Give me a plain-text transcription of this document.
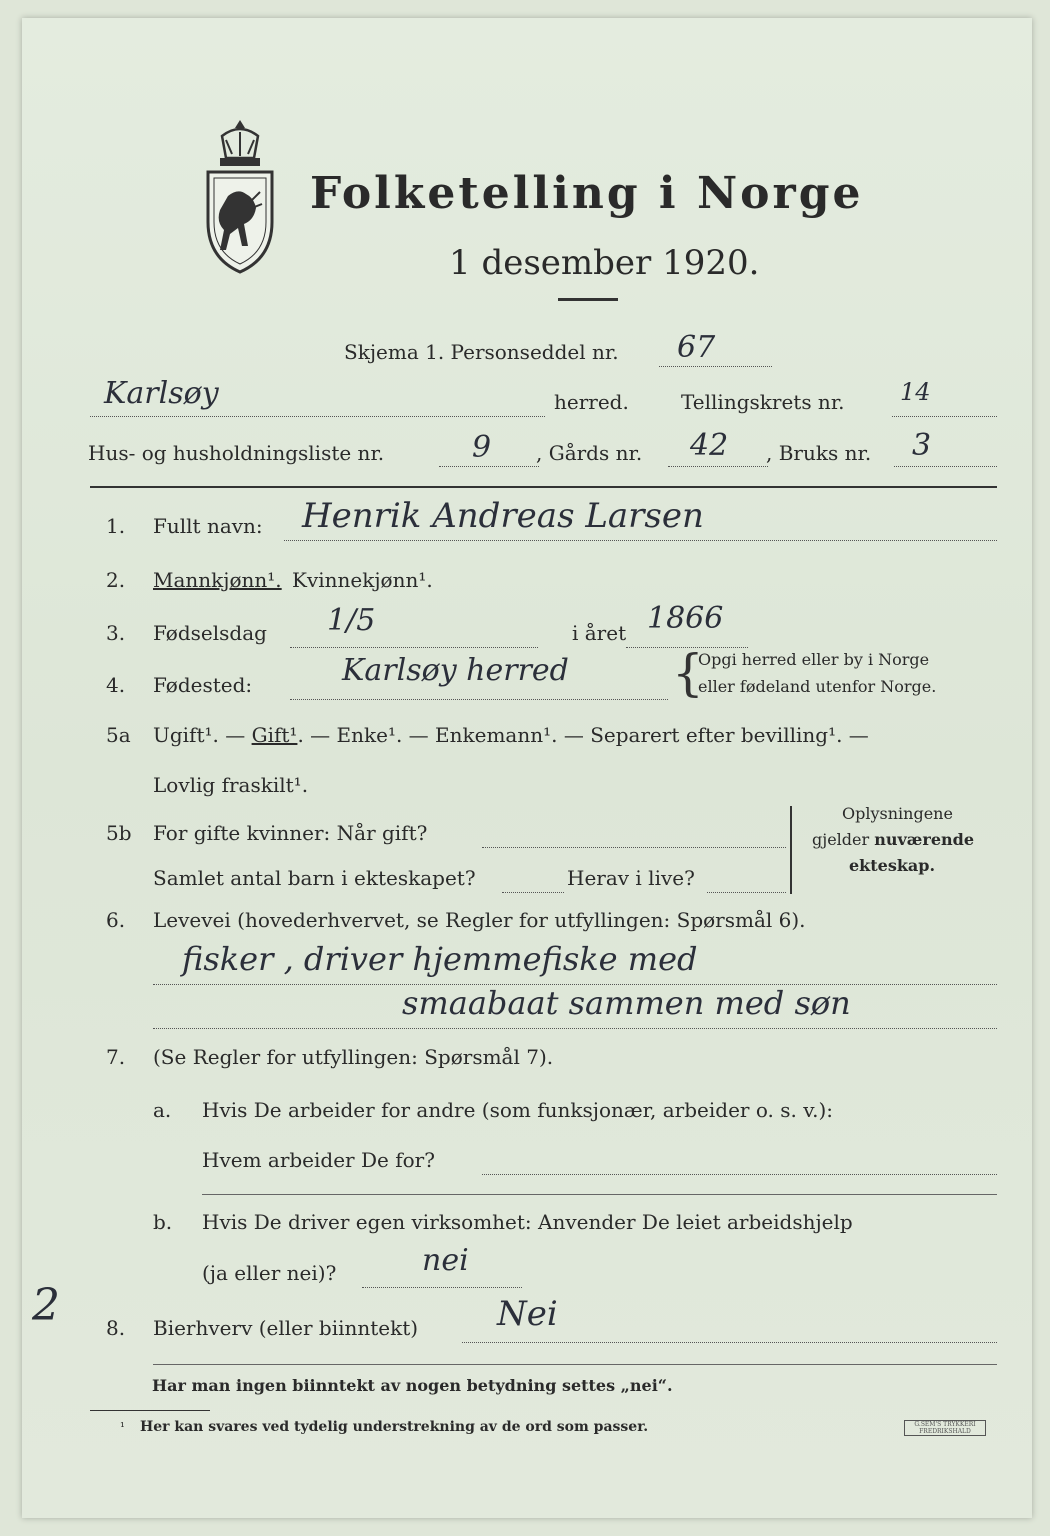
Folketelling i Norge
1 desember 1920.
Skjema 1. Personseddel nr. 67
Karlsøy	herred.	Tellingskrets nr. 14
Hus- og husholdningsliste nr.	9 , Gårds nr. 42 , Bruks nr. 3
1. Fullt navn: Henrik Andreas Larsen
2. Mannkjønn¹. Kvinnekjønn¹.
3. Fødselsdag 1/5	i året 1866
4. Fødested:	Karlsøy herred {
Opgi herred eller by i Norge
eller fødeland utenfor Norge.
5a Ugift¹. — Gift¹. — Enke¹. — Enkemann¹. — Separert efter bevilling¹. —
Lovlig fraskilt¹.
5b For gifte kvinner: Når gift?
Samlet antal barn i ekteskapet?	Herav i live?
Oplysningene
gjelder nuværende
ekteskap.
6. Levevei (hovederhvervet, se Regler for utfyllingen: Spørsmål 6).
fisker , driver hjemmefiske med
smaabaat sammen med søn
7. (Se Regler for utfyllingen: Spørsmål 7).
a. Hvis De arbeider for andre (som funksjonær, arbeider o. s. v.):
Hvem arbeider De for?
b. Hvis De driver egen virksomhet: Anvender De leiet arbeidshjelp
(ja eller nei)?	nei
2 8. Bierhverv (eller biinntekt) Nei
Har man ingen biinntekt av nogen betydning settes „nei“.
¹ Her kan svares ved tydelig understrekning av de ord som passer.	G.SEM'S TRYKKERI FREDRIKSHALD
